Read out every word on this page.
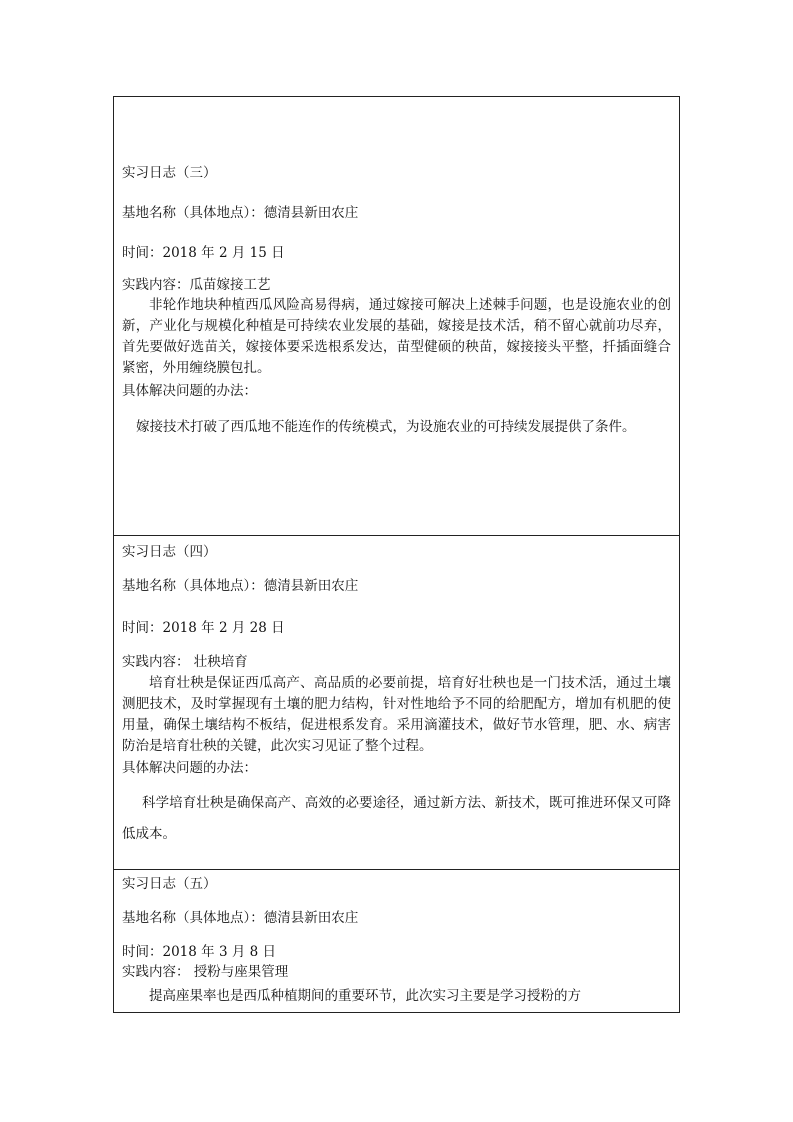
实习日志（三）
基地名称（具体地点）：德清县新田农庄
时间：2018 年 2 月 15 日
实践内容：瓜苗嫁接工艺
非轮作地块种植西瓜风险高易得病，通过嫁接可解决上述棘手问题，也是设施农业的创新，产业化与规模化种植是可持续农业发展的基础，嫁接是技术活，稍不留心就前功尽弃，首先要做好选苗关，嫁接体要采选根系发达，苗型健硕的秧苗，嫁接接头平整，扦插面缝合紧密，外用缠绕膜包扎。
具体解决问题的办法：
嫁接技术打破了西瓜地不能连作的传统模式，为设施农业的可持续发展提供了条件。
实习日志（四）
基地名称（具体地点）：德清县新田农庄
时间：2018 年 2 月 28 日
实践内容： 壮秧培育
培育壮秧是保证西瓜高产、高品质的必要前提，培育好壮秧也是一门技术活，通过土壤测肥技术，及时掌握现有土壤的肥力结构，针对性地给予不同的给肥配方，增加有机肥的使用量，确保土壤结构不板结，促进根系发育。采用滴灌技术，做好节水管理，肥、水、病害防治是培育壮秧的关键，此次实习见证了整个过程。
具体解决问题的办法：
科学培育壮秧是确保高产、高效的必要途径，通过新方法、新技术，既可推进环保又可降低成本。
实习日志（五）
基地名称（具体地点）：德清县新田农庄
时间：2018 年 3 月 8 日
实践内容： 授粉与座果管理
提高座果率也是西瓜种植期间的重要环节，此次实习主要是学习授粉的方
